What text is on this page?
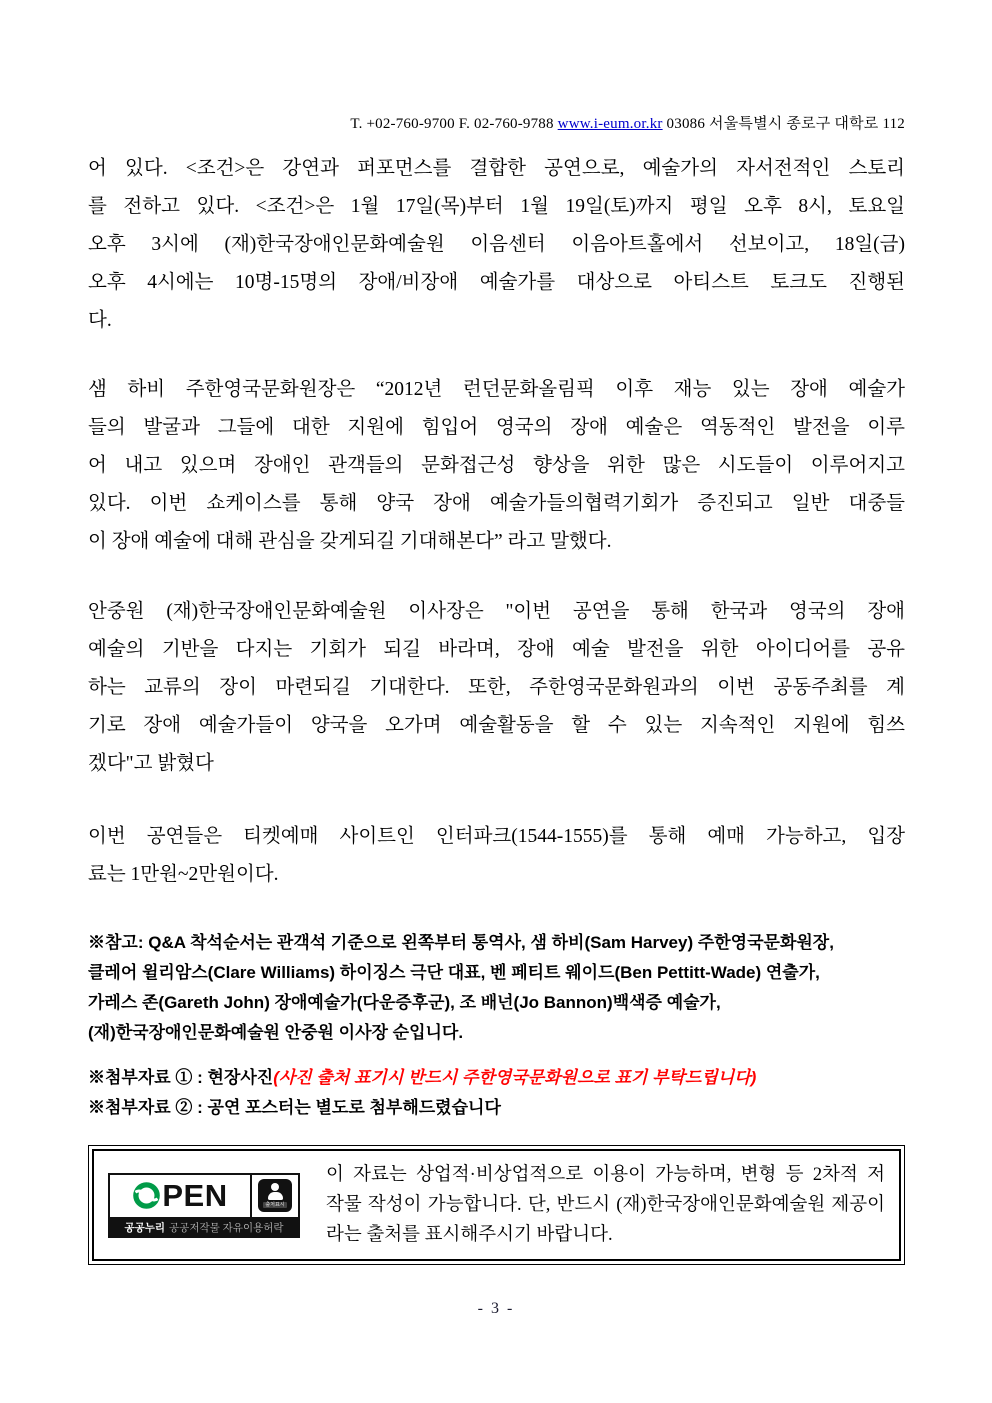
T. +02-760-9700 F. 02-760-9788 www.i-eum.or.kr 03086 서울특별시 종로구 대학로 112
어 있다. <조건>은 강연과 퍼포먼스를 결합한 공연으로, 예술가의 자서전적인 스토리
를 전하고 있다. <조건>은 1월 17일(목)부터 1월 19일(토)까지 평일 오후 8시, 토요일
오후 3시에 (재)한국장애인문화예술원 이음센터 이음아트홀에서 선보이고, 18일(금)
오후 4시에는 10명-15명의 장애/비장애 예술가를 대상으로 아티스트 토크도 진행된
다.
샘 하비 주한영국문화원장은 “2012년 런던문화올림픽 이후 재능 있는 장애 예술가
들의 발굴과 그들에 대한 지원에 힘입어 영국의 장애 예술은 역동적인 발전을 이루
어 내고 있으며 장애인 관객들의 문화접근성 향상을 위한 많은 시도들이 이루어지고
있다. 이번 쇼케이스를 통해 양국 장애 예술가들의협력기회가 증진되고 일반 대중들
이 장애 예술에 대해 관심을 갖게되길 기대해본다” 라고 말했다.
안중원 (재)한국장애인문화예술원 이사장은 "이번 공연을 통해 한국과 영국의 장애
예술의 기반을 다지는 기회가 되길 바라며, 장애 예술 발전을 위한 아이디어를 공유
하는 교류의 장이 마련되길 기대한다. 또한, 주한영국문화원과의 이번 공동주최를 계
기로 장애 예술가들이 양국을 오가며 예술활동을 할 수 있는 지속적인 지원에 힘쓰
겠다"고 밝혔다
이번 공연들은 티켓예매 사이트인 인터파크(1544-1555)를 통해 예매 가능하고, 입장
료는 1만원~2만원이다.
※참고: Q&A 착석순서는 관객석 기준으로 왼쪽부터 통역사, 샘 하비(Sam Harvey) 주한영국문화원장,
클레어 윌리암스(Clare Williams) 하이징스 극단 대표, 벤 페티트 웨이드(Ben Pettitt-Wade) 연출가,
가레스 존(Gareth John) 장애예술가(다운증후군), 조 배넌(Jo Bannon)백색증 예술가,
(재)한국장애인문화예술원 안중원 이사장 순입니다.
※첨부자료 ① : 현장사진(사진 출처 표기시 반드시 주한영국문화원으로 표기 부탁드립니다)
※첨부자료 ② : 공연 포스터는 별도로 첨부해드렸습니다
PEN	출처표시
공공누리 공공저작물 자유이용허락
이 자료는 상업적·비상업적으로 이용이 가능하며, 변형 등 2차적 저
작물 작성이 가능합니다. 단, 반드시 (재)한국장애인문화예술원 제공이
라는 출처를 표시해주시기 바랍니다.
- 3 -
